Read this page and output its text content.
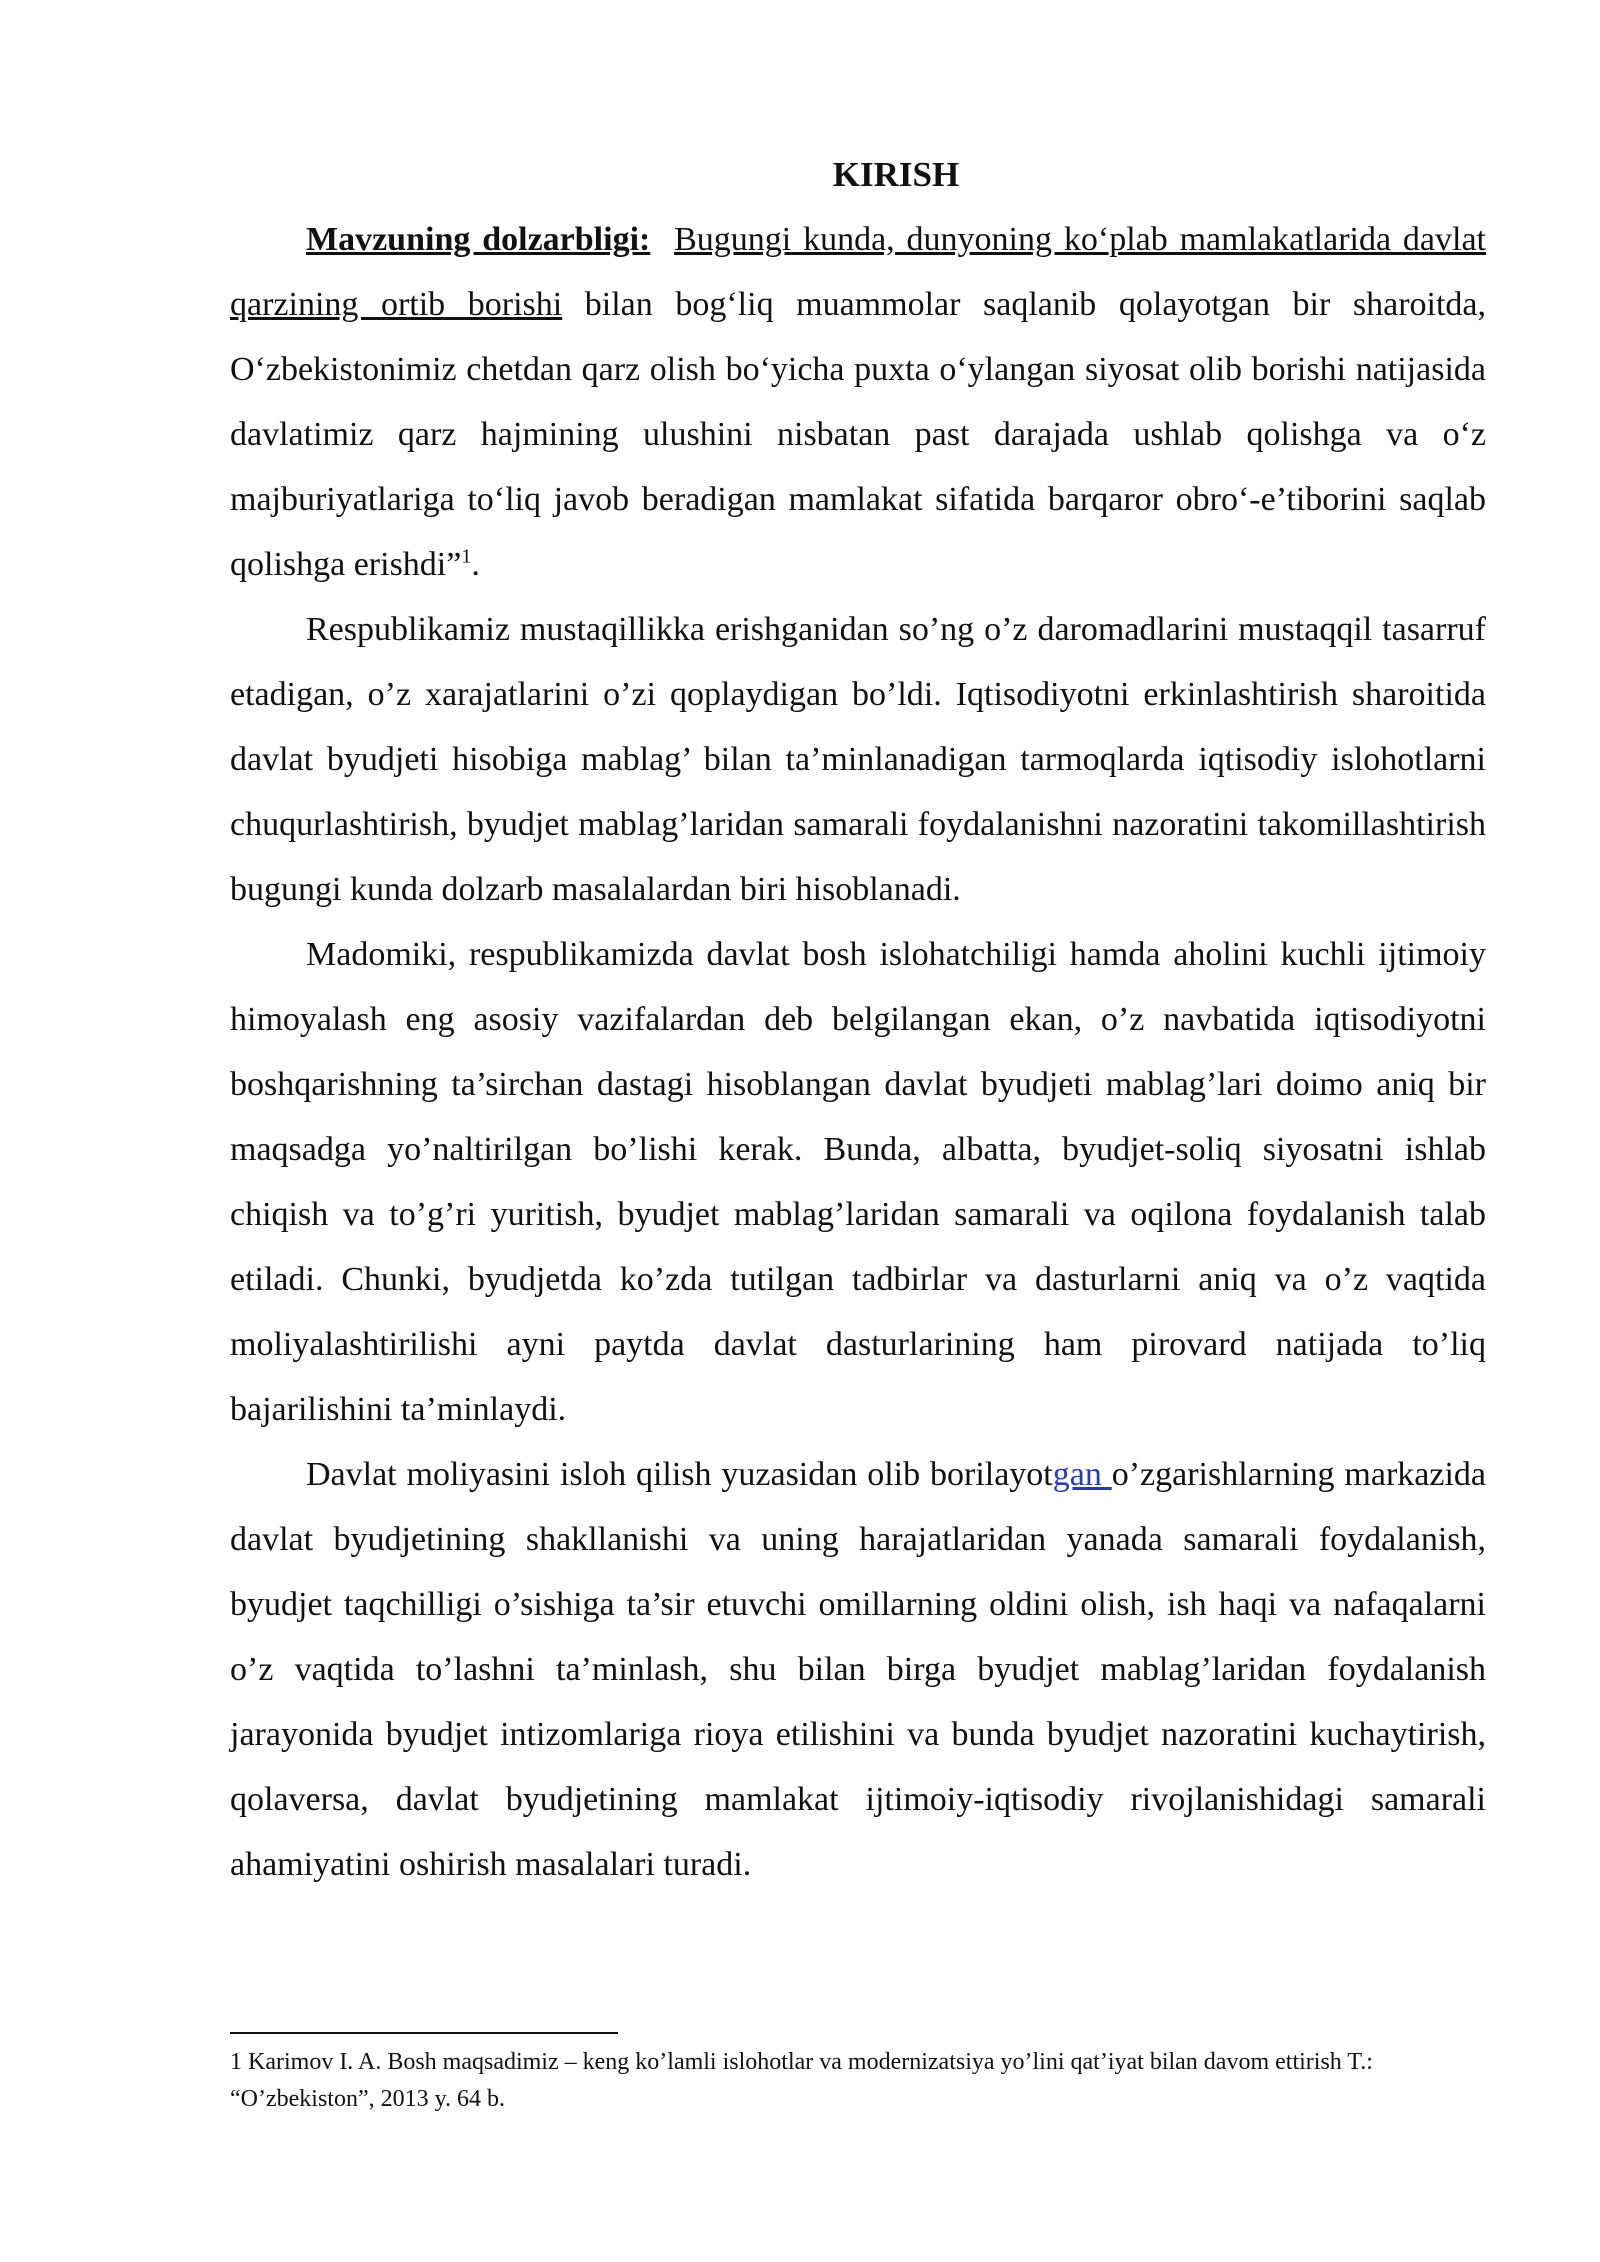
KIRISH

Mavzuning dolzarbligi: Bugungi kunda, dunyoning ko‘plab mamlakatlarida davlat qarzining ortib borishi bilan bog‘liq muammolar saqlanib qolayotgan bir sharoitda, O‘zbekistonimiz chetdan qarz olish bo‘yicha puxta o‘ylangan siyosat olib borishi natijasida davlatimiz qarz hajmining ulushini nisbatan past darajada ushlab qolishga va o‘z majburiyatlariga to‘liq javob beradigan mamlakat sifatida barqaror obro‘-e’tiborini saqlab qolishga erishdi”$^1$.

Respublikamiz mustaqillikka erishganidan so’ng o’z daromadlarini mustaqqil tasarruf etadigan, o’z xarajatlarini o’zi qoplaydigan bo’ldi. Iqtisodiyotni erkinlashtirish sharoitida davlat byudjeti hisobiga mablag’ bilan ta’minlanadigan tarmoqlarda iqtisodiy islohotlarni chuqurlashtirish, byudjet mablag’laridan samarali foydalanishni nazoratini takomillashtirish bugungi kunda dolzarb masalalardan biri hisoblanadi.

Madomiki, respublikamizda davlat bosh islohatchiligi hamda aholini kuchli ijtimoiy himoyalash eng asosiy vazifalardan deb belgilangan ekan, o’z navbatida iqtisodiyotni boshqarishning ta’sirchan dastagi hisoblangan davlat byudjeti mablag’lari doimo aniq bir maqsadga yo’naltirilgan bo’lishi kerak. Bunda, albatta, byudjet-soliq siyosatni ishlab chiqish va to’g’ri yuritish, byudjet mablag’laridan samarali va oqilona foydalanish talab etiladi. Chunki, byudjetda ko’zda tutilgan tadbirlar va dasturlarni aniq va o’z vaqtida moliyalashtirilishi ayni paytda davlat dasturlarining ham pirovard natijada to’liq bajarilishini ta’minlaydi.

Davlat moliyasini isloh qilish yuzasidan olib borilayotgan o’zgarishlarning markazida davlat byudjetining shakllanishi va uning harajatlaridan yanada samarali foydalanish, byudjet taqchilligi o’sishiga ta’sir etuvchi omillarning oldini olish, ish haqi va nafaqalarni o’z vaqtida to’lashni ta’minlash, shu bilan birga byudjet mablag’laridan foydalanish jarayonida byudjet intizomlariga rioya etilishini va bunda byudjet nazoratini kuchaytirish, qolaversa, davlat byudjetining mamlakat ijtimoiy-iqtisodiy rivojlanishidagi samarali ahamiyatini oshirish masalalari turadi.

1 Karimov I. A. Bosh maqsadimiz – keng ko’lamli islohotlar va modernizatsiya yo’lini qat’iyat bilan davom ettirish T.: “O’zbekiston”, 2013 y. 64 b.
